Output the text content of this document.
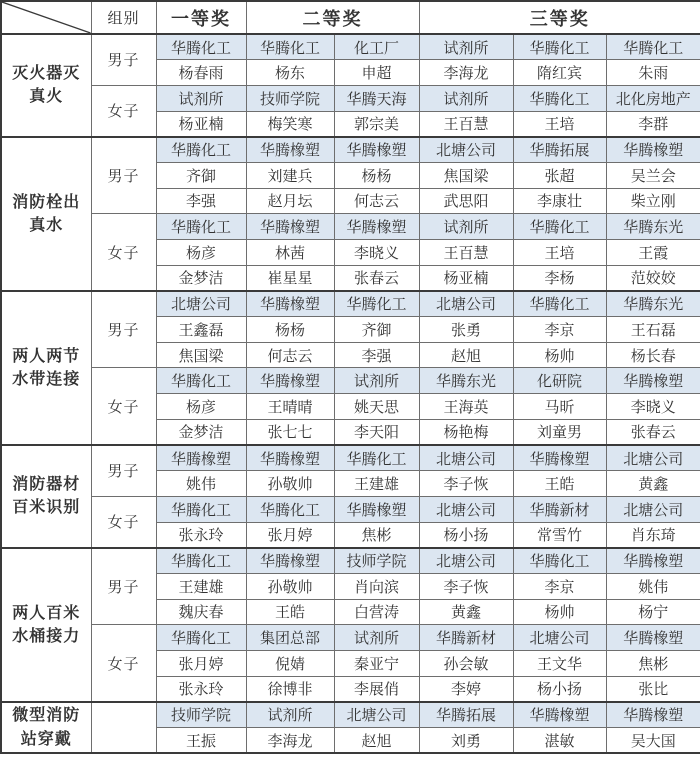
	组别	一等奖	二等奖		三等奖		
灭火器灭
真火	男子	华腾化工	华腾化工	化工厂	试剂所	华腾化工	华腾化工
		杨春雨	杨东	申超	李海龙	隋红宾	朱雨
	女子	试剂所	技师学院	华腾天海	试剂所	华腾化工	北化房地产
		杨亚楠	梅笑寒	郭宗美	王百慧	王培	李群
消防栓出
真水	男子	华腾化工	华腾橡塑	华腾橡塑	北塘公司	华腾拓展	华腾橡塑
		齐御	刘建兵	杨杨	焦国梁	张超	吴兰会
		李强	赵月坛	何志云	武思阳	李康壮	柴立刚
	女子	华腾化工	华腾橡塑	华腾橡塑	试剂所	华腾化工	华腾东光
		杨彦	林茜	李晓义	王百慧	王培	王霞
		金梦洁	崔星星	张春云	杨亚楠	李杨	范姣姣
两人两节
水带连接	男子	北塘公司	华腾橡塑	华腾化工	北塘公司	华腾化工	华腾东光
		王鑫磊	杨杨	齐御	张勇	李京	王石磊
		焦国梁	何志云	李强	赵旭	杨帅	杨长春
	女子	华腾化工	华腾橡塑	试剂所	华腾东光	化研院	华腾橡塑
		杨彦	王晴晴	姚天思	王海英	马昕	李晓义
		金梦洁	张七七	李天阳	杨艳梅	刘童男	张春云
消防器材
百米识别	男子	华腾橡塑	华腾橡塑	华腾化工	北塘公司	华腾橡塑	北塘公司
		姚伟	孙敬帅	王建雄	李子恢	王皓	黄鑫
	女子	华腾化工	华腾化工	华腾橡塑	北塘公司	华腾新材	北塘公司
		张永玲	张月婷	焦彬	杨小扬	常雪竹	肖东琦
两人百米
水桶接力	男子	华腾化工	华腾橡塑	技师学院	北塘公司	华腾化工	华腾橡塑
		王建雄	孙敬帅	肖向滨	李子恢	李京	姚伟
		魏庆春	王皓	白营涛	黄鑫	杨帅	杨宁
	女子	华腾化工	集团总部	试剂所	华腾新材	北塘公司	华腾橡塑
		张月婷	倪婧	秦亚宁	孙会敏	王文华	焦彬
		张永玲	徐博非	李展俏	李婷	杨小扬	张比
微型消防
站穿戴		技师学院	试剂所	北塘公司	华腾拓展	华腾橡塑	华腾橡塑
		王振	李海龙	赵旭	刘勇	湛敏	吴大国
